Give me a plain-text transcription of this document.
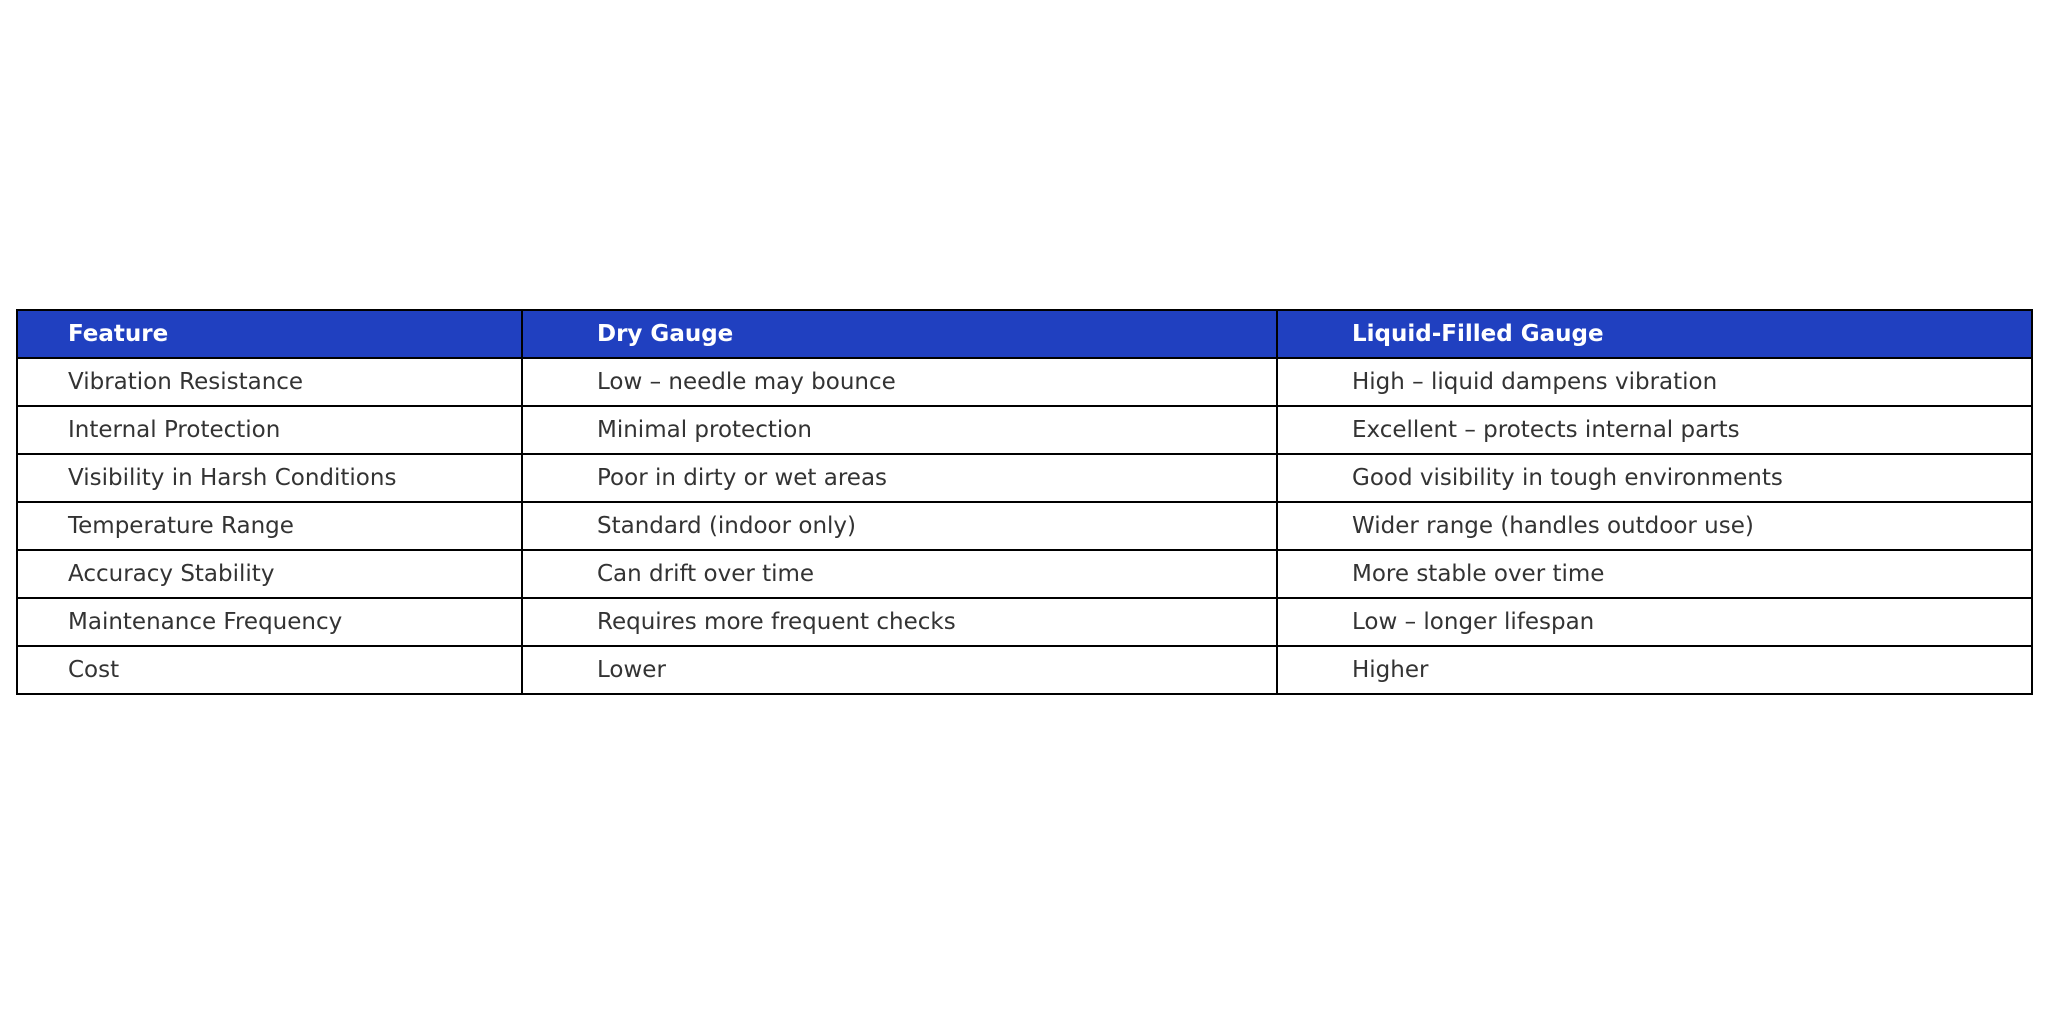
Feature	Dry Gauge	Liquid-Filled Gauge
Vibration Resistance	Low – needle may bounce	High – liquid dampens vibration
Internal Protection	Minimal protection	Excellent – protects internal parts
Visibility in Harsh Conditions	Poor in dirty or wet areas	Good visibility in tough environments
Temperature Range	Standard (indoor only)	Wider range (handles outdoor use)
Accuracy Stability	Can drift over time	More stable over time
Maintenance Frequency	Requires more frequent checks	Low – longer lifespan
Cost	Lower	Higher
